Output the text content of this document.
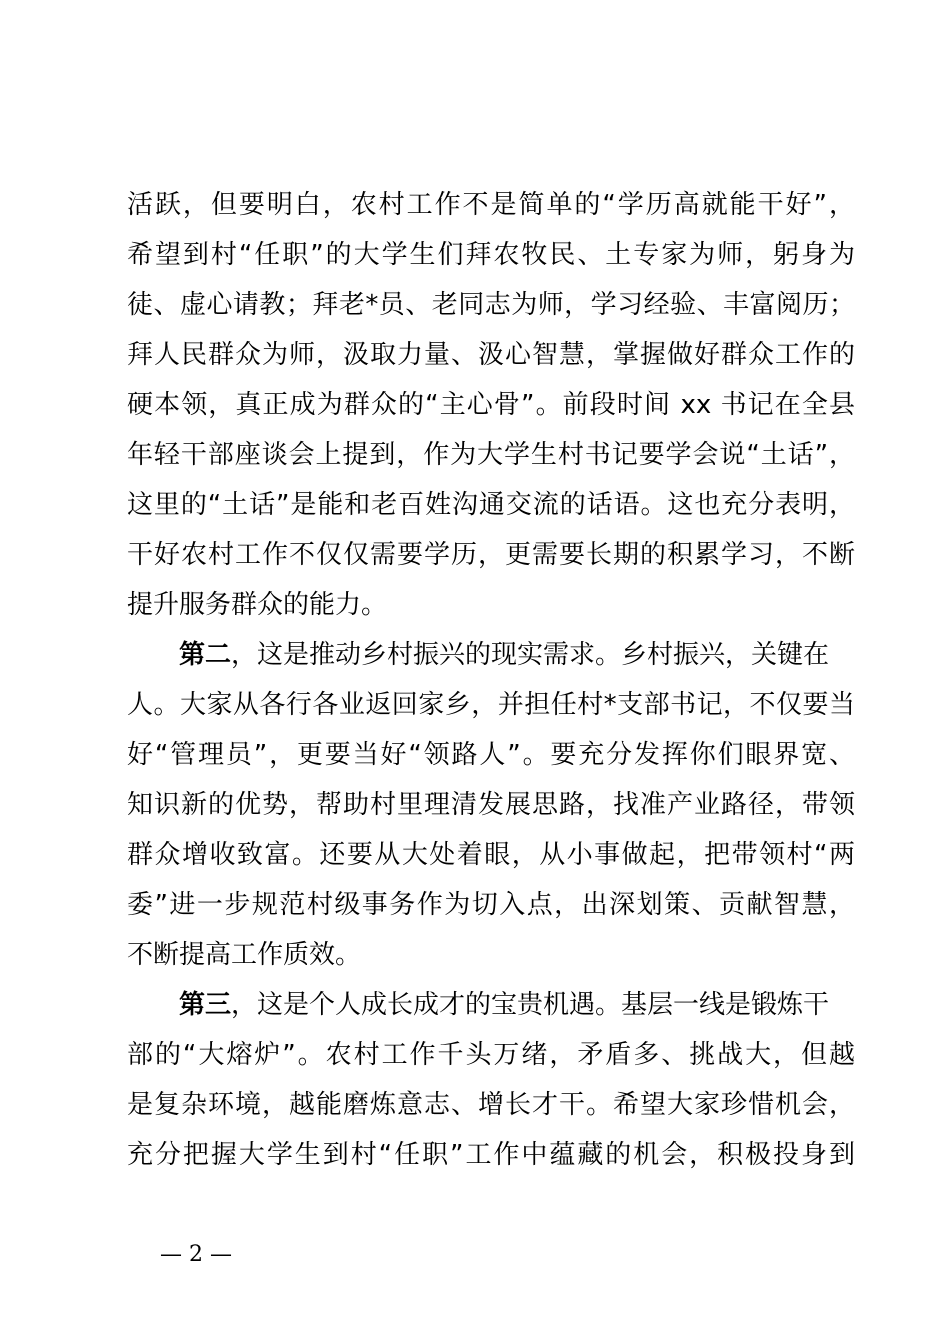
活跃，但要明白，农村工作不是简单的“学历高就能干好”，
希望到村“任职”的大学生们拜农牧民、土专家为师，躬身为
徒、虚心请教；拜老*员、老同志为师，学习经验、丰富阅历；
拜人民群众为师，汲取力量、汲心智慧，掌握做好群众工作的
硬本领，真正成为群众的“主心骨”。前段时间 xx 书记在全县
年轻干部座谈会上提到，作为大学生村书记要学会说“土话”，
这里的“土话”是能和老百姓沟通交流的话语。这也充分表明，
干好农村工作不仅仅需要学历，更需要长期的积累学习，不断
提升服务群众的能力。
第二，这是推动乡村振兴的现实需求。乡村振兴，关键在
人。大家从各行各业返回家乡，并担任村*支部书记，不仅要当
好“管理员”，更要当好“领路人”。要充分发挥你们眼界宽、
知识新的优势，帮助村里理清发展思路，找准产业路径，带领
群众增收致富。还要从大处着眼，从小事做起，把带领村“两
委”进一步规范村级事务作为切入点，出深划策、贡献智慧，
不断提高工作质效。
第三，这是个人成长成才的宝贵机遇。基层一线是锻炼干
部的“大熔炉”。农村工作千头万绪，矛盾多、挑战大，但越
是复杂环境，越能磨炼意志、增长才干。希望大家珍惜机会，
充分把握大学生到村“任职”工作中蕴藏的机会，积极投身到
— 2 —
